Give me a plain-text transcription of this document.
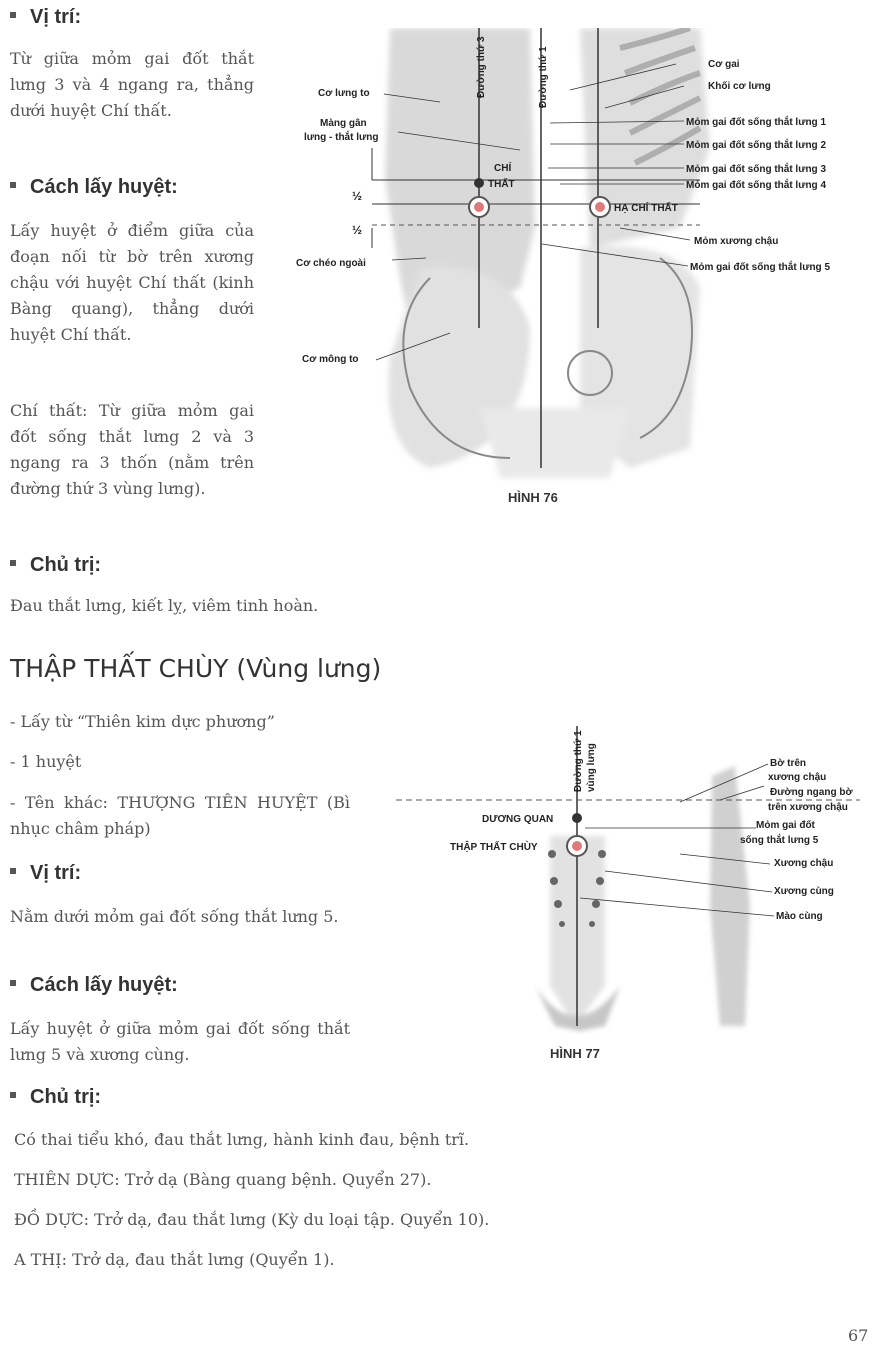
Vị trí:
Từ giữa mỏm gai đốt thắt lưng 3 và 4 ngang ra, thẳng dưới huyệt Chí thất.
Cách lấy huyệt:
Lấy huyệt ở điểm giữa của đoạn nối từ bờ trên xương chậu với huyệt Chí thất (kinh Bàng quang), thẳng dưới huyệt Chí thất.
Chí thất: Từ giữa mỏm gai đốt sống thắt lưng 2 và 3 ngang ra 3 thốn (nằm trên đường thứ 3 vùng lưng).
Chủ trị:
Đau thắt lưng, kiết lỵ, viêm tinh hoàn.
Cơ lưng to
Màng gân
lưng - thắt lưng
Đường thứ 3	Đường thứ 1
CHÍ
THẤT
½
½
Cơ chéo ngoài
Cơ mông to
Cơ gai
Khối cơ lưng
Mỏm gai đốt sống thắt lưng 1
Mỏm gai đốt sống thắt lưng 2
Mỏm gai đốt sống thắt lưng 3
Mỏm gai đốt sống thắt lưng 4
HẠ CHÍ THẤT
Mỏm xương chậu
Mỏm gai đốt sống thắt lưng 5
HÌNH 76
THẬP THẤT CHÙY (Vùng lưng)
- Lấy từ “Thiên kim dực phương”
- 1 huyệt
- Tên khác: THƯỢNG TIÊN HUYỆT (Bì nhục châm pháp)
Vị trí:
Nằm dưới mỏm gai đốt sống thắt lưng 5.
Cách lấy huyệt:
Lấy huyệt ở giữa mỏm gai đốt sống thắt lưng 5 và xương cùng.
Chủ trị:
Có thai tiểu khó, đau thắt lưng, hành kinh đau, bệnh trĩ.
THIÊN DỰC: Trở dạ (Bàng quang bệnh. Quyển 27).
ĐỒ DỰC: Trở dạ, đau thắt lưng (Kỳ du loại tập. Quyển 10).
A THỊ: Trở dạ, đau thắt lưng (Quyển 1).
Đường thứ 1 vùng lưng	Bờ trên
xương chậu
Đường ngang bờ
trên xương chậu
DƯƠNG QUAN
THẬP THẤT CHÙY
Mỏm gai đốt
sống thắt lưng 5
Xương chậu
Xương cùng
Mào cùng
HÌNH 77
67
